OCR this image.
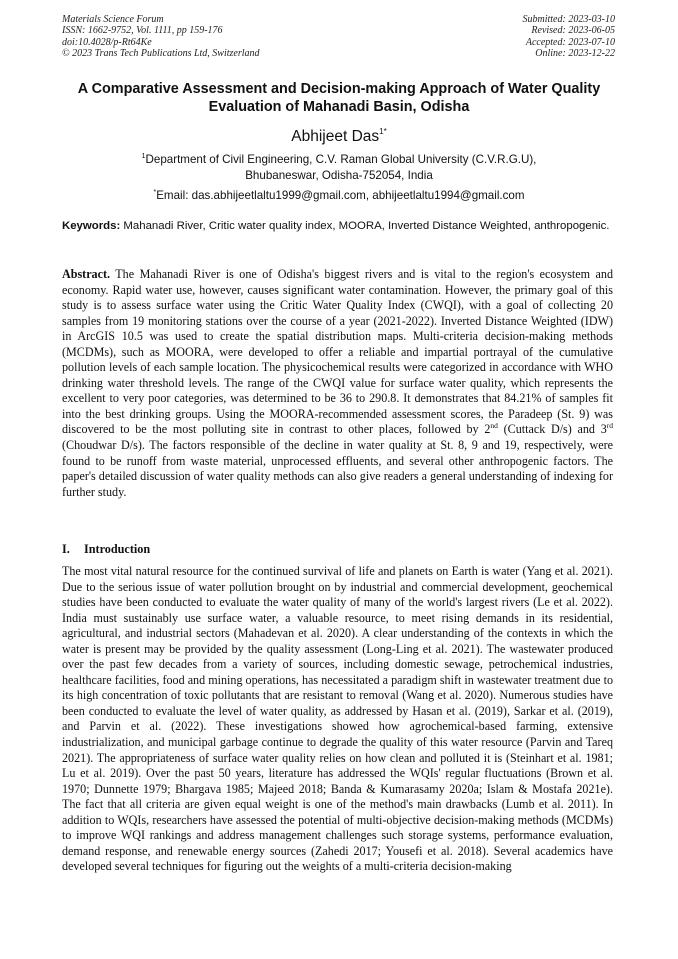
Materials Science Forum
ISSN: 1662-9752, Vol. 1111, pp 159-176
doi:10.4028/p-Rt64Ke
© 2023 Trans Tech Publications Ltd, Switzerland
Submitted: 2023-03-10
Revised: 2023-06-05
Accepted: 2023-07-10
Online: 2023-12-22
A Comparative Assessment and Decision-making Approach of Water Quality Evaluation of Mahanadi Basin, Odisha
Abhijeet Das$^{1*}$
$^1$Department of Civil Engineering, C.V. Raman Global University (C.V.R.G.U),
Bhubaneswar, Odisha-752054, India
*Email: das.abhijeetlaltu1999@gmail.com, abhijeetlaltu1994@gmail.com
Keywords: Mahanadi River, Critic water quality index, MOORA, Inverted Distance Weighted, anthropogenic.
Abstract. The Mahanadi River is one of Odisha's biggest rivers and is vital to the region's ecosystem and economy. Rapid water use, however, causes significant water contamination. However, the primary goal of this study is to assess surface water using the Critic Water Quality Index (CWQI), with a goal of collecting 20 samples from 19 monitoring stations over the course of a year (2021-2022). Inverted Distance Weighted (IDW) in ArcGIS 10.5 was used to create the spatial distribution maps. Multi-criteria decision-making methods (MCDMs), such as MOORA, were developed to offer a reliable and impartial portrayal of the cumulative pollution levels of each sample location. The physicochemical results were categorized in accordance with WHO drinking water threshold levels. The range of the CWQI value for surface water quality, which represents the excellent to very poor categories, was determined to be 36 to 290.8. It demonstrates that 84.21% of samples fit into the best drinking groups. Using the MOORA-recommended assessment scores, the Paradeep (St. 9) was discovered to be the most polluting site in contrast to other places, followed by 2nd (Cuttack D/s) and 3rd (Choudwar D/s). The factors responsible of the decline in water quality at St. 8, 9 and 19, respectively, were found to be runoff from waste material, unprocessed effluents, and several other anthropogenic factors. The paper's detailed discussion of water quality methods can also give readers a general understanding of indexing for further study.
I. Introduction
The most vital natural resource for the continued survival of life and planets on Earth is water (Yang et al. 2021). Due to the serious issue of water pollution brought on by industrial and commercial development, geochemical studies have been conducted to evaluate the water quality of many of the world's largest rivers (Le et al. 2022). India must sustainably use surface water, a valuable resource, to meet rising demands in its residential, agricultural, and industrial sectors (Mahadevan et al. 2020). A clear understanding of the contexts in which the water is present may be provided by the quality assessment (Long-Ling et al. 2021). The wastewater produced over the past few decades from a variety of sources, including domestic sewage, petrochemical industries, healthcare facilities, food and mining operations, has necessitated a paradigm shift in wastewater treatment due to its high concentration of toxic pollutants that are resistant to removal (Wang et al. 2020). Numerous studies have been conducted to evaluate the level of water quality, as addressed by Hasan et al. (2019), Sarkar et al. (2019), and Parvin et al. (2022). These investigations showed how agrochemical-based farming, extensive industrialization, and municipal garbage continue to degrade the quality of this water resource (Parvin and Tareq 2021). The appropriateness of surface water quality relies on how clean and polluted it is (Steinhart et al. 1981; Lu et al. 2019). Over the past 50 years, literature has addressed the WQIs' regular fluctuations (Brown et al. 1970; Dunnette 1979; Bhargava 1985; Majeed 2018; Banda & Kumarasamy 2020a; Islam & Mostafa 2021e). The fact that all criteria are given equal weight is one of the method's main drawbacks (Lumb et al. 2011). In addition to WQIs, researchers have assessed the potential of multi-objective decision-making methods (MCDMs) to improve WQI rankings and address management challenges such storage systems, performance evaluation, demand response, and renewable energy sources (Zahedi 2017; Yousefi et al. 2018). Several academics have developed several techniques for figuring out the weights of a multi-criteria decision-making
